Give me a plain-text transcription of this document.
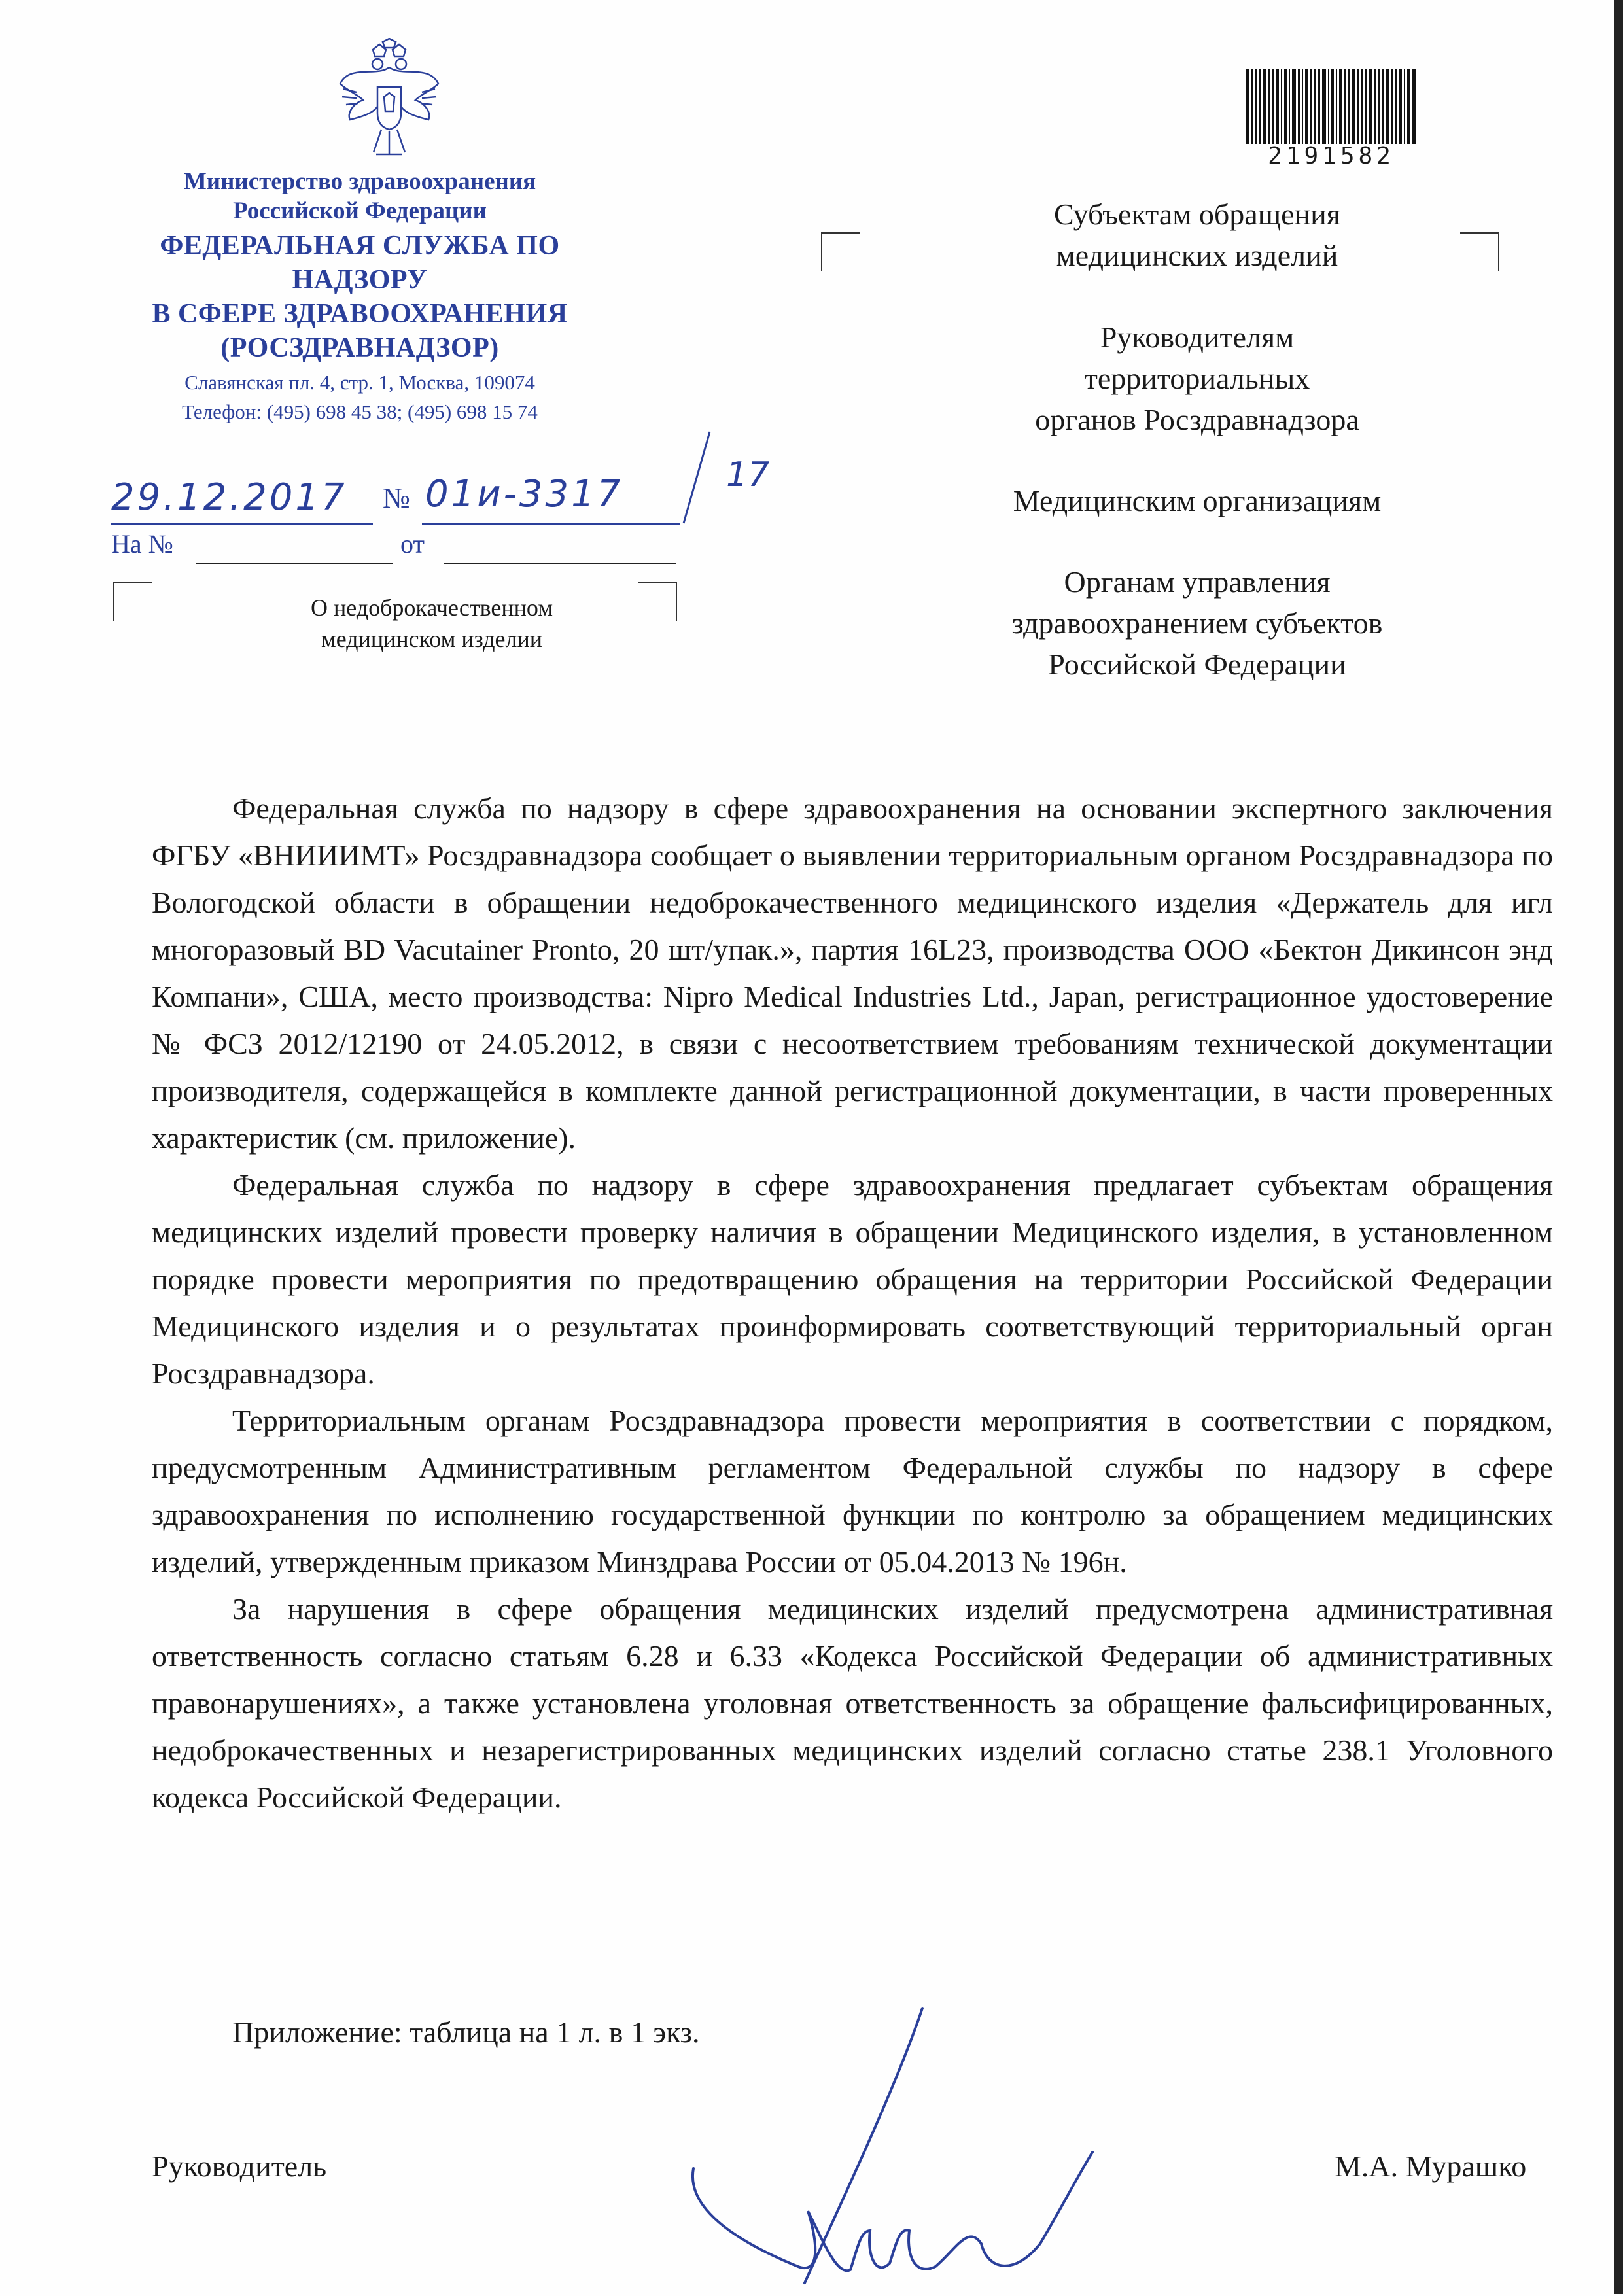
Министерство здравоохранения
Российской Федерации
ФЕДЕРАЛЬНАЯ СЛУЖБА ПО НАДЗОРУ
В СФЕРЕ ЗДРАВООХРАНЕНИЯ
(РОСЗДРАВНАДЗОР)
Славянская пл. 4, стр. 1, Москва, 109074
Телефон: (495) 698 45 38; (495) 698 15 74
29.12.2017 № 01и-3317	17
На №	от
О недоброкачественном
медицинском изделии
2191582
Субъектам обращения
медицинских изделий
Руководителям
территориальных
органов Росздравнадзора
Медицинским организациям
Органам управления
здравоохранением субъектов
Российской Федерации

Федеральная служба по надзору в сфере здравоохранения на основании экспертного заключения ФГБУ «ВНИИИМТ» Росздравнадзора сообщает о выявлении территориальным органом Росздравнадзора по Вологодской области в обращении недоброкачественного медицинского изделия «Держатель для игл многоразовый BD Vacutainer Pronto, 20 шт/упак.», партия 16L23, производства ООО «Бектон Дикинсон энд Компани», США, место производства: Nipro Medical Industries Ltd., Japan, регистрационное удостоверение № ФСЗ 2012/12190 от 24.05.2012, в связи с несоответствием требованиям технической документации производителя, содержащейся в комплекте данной регистрационной документации, в части проверенных характеристик (см. приложение).

Федеральная служба по надзору в сфере здравоохранения предлагает субъектам обращения медицинских изделий провести проверку наличия в обращении Медицинского изделия, в установленном порядке провести мероприятия по предотвращению обращения на территории Российской Федерации Медицинского изделия и о результатах проинформировать соответствующий территориальный орган Росздравнадзора.

Территориальным органам Росздравнадзора провести мероприятия в соответствии с порядком, предусмотренным Административным регламентом Федеральной службы по надзору в сфере здравоохранения по исполнению государственной функции по контролю за обращением медицинских изделий, утвержденным приказом Минздрава России от 05.04.2013 № 196н.

За нарушения в сфере обращения медицинских изделий предусмотрена административная ответственность согласно статьям 6.28 и 6.33 «Кодекса Российской Федерации об административных правонарушениях», а также установлена уголовная ответственность за обращение фальсифицированных, недоброкачественных и незарегистрированных медицинских изделий согласно статье 238.1 Уголовного кодекса Российской Федерации.

Приложение: таблица на 1 л. в 1 экз.
Руководитель	М.А. Мурашко
